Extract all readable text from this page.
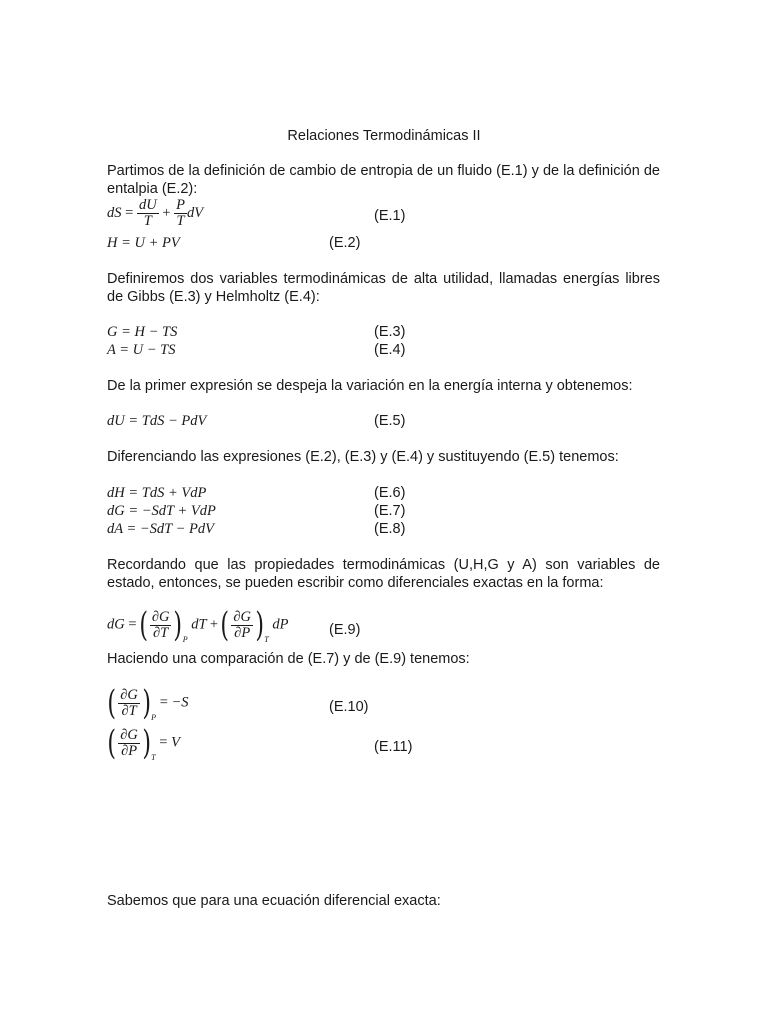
Relaciones Termodinámicas II
Partimos de la definición de cambio de entropia de un fluido (E.1) y de la definición de entalpia (E.2):
dS = $\frac{dU}{T} + \frac{P}{T}$ dV	(E.1)
H = U + PV	(E.2)
Definiremos dos variables termodinámicas de alta utilidad, llamadas energías libres de Gibbs (E.3) y Helmholtz (E.4):
G = H − TS	(E.3)
A = U − TS	(E.4)
De la primer expresión se despeja la variación en la energía interna y obtenemos:
dU = TdS − PdV	(E.5)
Diferenciando las expresiones (E.2), (E.3) y (E.4) y sustituyendo (E.5) tenemos:
dH = TdS + VdP	(E.6)
dG = −SdT + VdP	(E.7)
dA = −SdT − PdV	(E.8)
Recordando que las propiedades termodinámicas (U,H,G y A) son variables de estado, entonces, se pueden escribir como diferenciales exactas en la forma:
dG =( $\frac{\partial G}{\partial T} )_P$ dT +( $\frac{\partial G}{\partial P} )_T$ dP	(E.9)
Haciendo una comparación de (E.7) y de (E.9) tenemos:
( $\frac{\partial G}{\partial T} )_P = -S$	(E.10)
( $\frac{\partial G}{\partial P} )_T = V$	(E.11)
Sabemos que para una ecuación diferencial exacta:
